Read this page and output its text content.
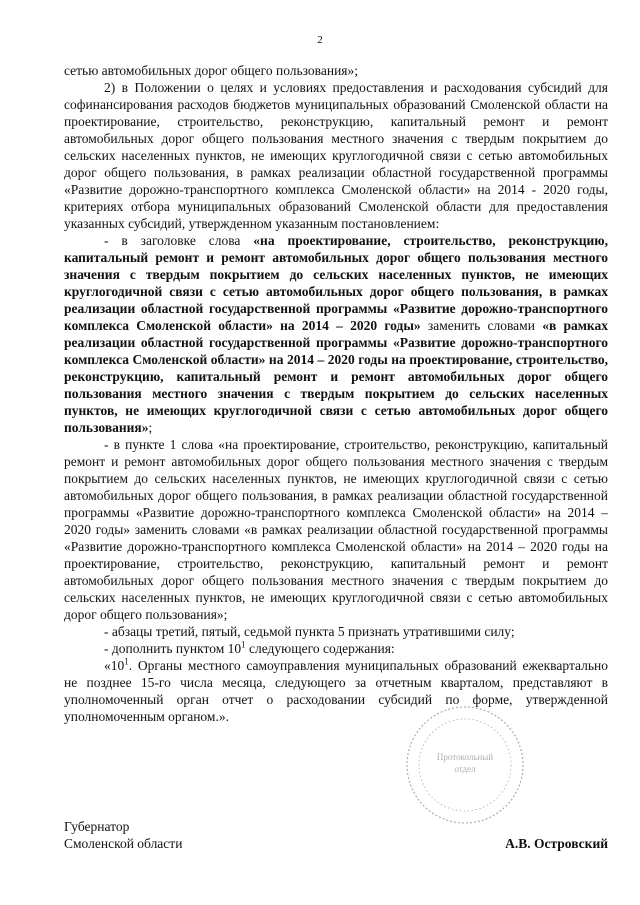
2

сетью автомобильных дорог общего пользования»;

2) в Положении о целях и условиях предоставления и расходования субсидий для софинансирования расходов бюджетов муниципальных образований Смоленской области на проектирование, строительство, реконструкцию, капитальный ремонт и ремонт автомобильных дорог общего пользования местного значения с твердым покрытием до сельских населенных пунктов, не имеющих круглогодичной связи с сетью автомобильных дорог общего пользования, в рамках реализации областной государственной программы «Развитие дорожно-транспортного комплекса Смоленской области» на 2014 - 2020 годы, критериях отбора муниципальных образований Смоленской области для предоставления указанных субсидий, утвержденном указанным постановлением:

- в заголовке слова «на проектирование, строительство, реконструкцию, капитальный ремонт и ремонт автомобильных дорог общего пользования местного значения с твердым покрытием до сельских населенных пунктов, не имеющих круглогодичной связи с сетью автомобильных дорог общего пользования, в рамках реализации областной государственной программы «Развитие дорожно-транспортного комплекса Смоленской области» на 2014 – 2020 годы» заменить словами «в рамках реализации областной государственной программы «Развитие дорожно-транспортного комплекса Смоленской области» на 2014 – 2020 годы на проектирование, строительство, реконструкцию, капитальный ремонт и ремонт автомобильных дорог общего пользования местного значения с твердым покрытием до сельских населенных пунктов, не имеющих круглогодичной связи с сетью автомобильных дорог общего пользования»;

- в пункте 1 слова «на проектирование, строительство, реконструкцию, капитальный ремонт и ремонт автомобильных дорог общего пользования местного значения с твердым покрытием до сельских населенных пунктов, не имеющих круглогодичной связи с сетью автомобильных дорог общего пользования, в рамках реализации областной государственной программы «Развитие дорожно-транспортного комплекса Смоленской области» на 2014 – 2020 годы» заменить словами «в рамках реализации областной государственной программы «Развитие дорожно-транспортного комплекса Смоленской области» на 2014 – 2020 годы на проектирование, строительство, реконструкцию, капитальный ремонт и ремонт автомобильных дорог общего пользования местного значения с твердым покрытием до сельских населенных пунктов, не имеющих круглогодичной связи с сетью автомобильных дорог общего пользования»;

- абзацы третий, пятый, седьмой пункта 5 признать утратившими силу;

- дополнить пунктом $10^1$ следующего содержания:

«$10^1$. Органы местного самоуправления муниципальных образований ежеквартально не позднее 15-го числа месяца, следующего за отчетным кварталом, представляют в уполномоченный орган отчет о расходовании субсидий по форме, утвержденной уполномоченным органом.».

Протокольный
отдел
Губернатор
Смоленской области	А.В. Островский
